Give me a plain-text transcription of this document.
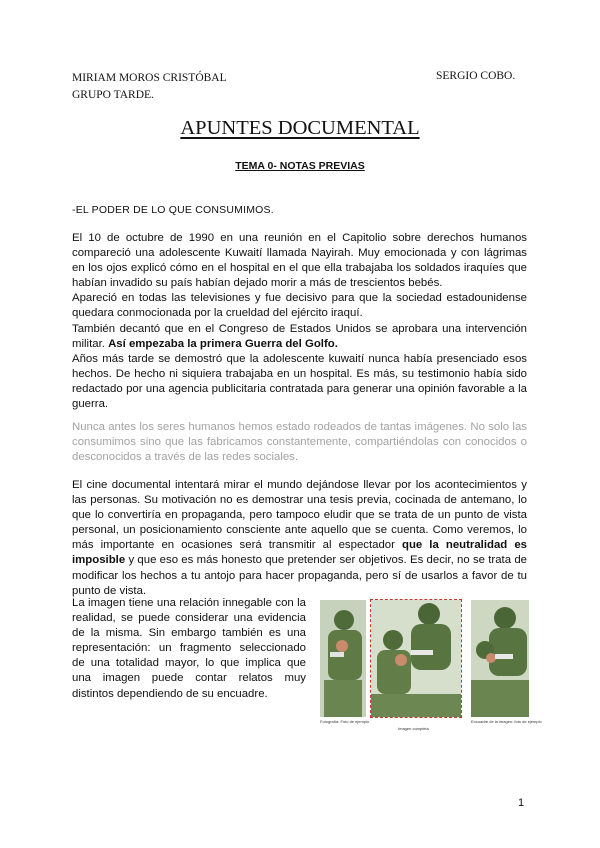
MIRIAM MOROS CRISTÓBAL
GRUPO TARDE.
SERGIO COBO.
APUNTES DOCUMENTAL
TEMA 0- NOTAS PREVIAS
-EL PODER DE LO QUE CONSUMIMOS.

El 10 de octubre de 1990 en una reunión en el Capitolio sobre derechos humanos compareció una adolescente Kuwaití llamada Nayirah. Muy emocionada y con lágrimas en los ojos explicó cómo en el hospital en el que ella trabajaba los soldados iraquíes que habían invadido su país habían dejado morir a más de trescientos bebés.

Apareció en todas las televisiones y fue decisivo para que la sociedad estadounidense quedara conmocionada por la crueldad del ejército iraquí.

También decantó que en el Congreso de Estados Unidos se aprobara una intervención militar. Así empezaba la primera Guerra del Golfo.

Años más tarde se demostró que la adolescente kuwaití nunca había presenciado esos hechos. De hecho ni siquiera trabajaba en un hospital. Es más, su testimonio había sido redactado por una agencia publicitaria contratada para generar una opinión favorable a la guerra.

Nunca antes los seres humanos hemos estado rodeados de tantas imágenes. No solo las consumimos sino que las fabricamos constantemente, compartiéndolas con conocidos o desconocidos a través de las redes sociales.
El cine documental intentará mirar el mundo dejándose llevar por los acontecimientos y las personas. Su motivación no es demostrar una tesis previa, cocinada de antemano, lo que lo convertiría en propaganda, pero tampoco eludir que se trata de un punto de vista personal, un posicionamiento consciente ante aquello que se cuenta. Como veremos, lo más importante en ocasiones será transmitir al espectador que la neutralidad es imposible y que eso es más honesto que pretender ser objetivos. Es decir, no se trata de modificar los hechos a tu antojo para hacer propaganda, pero sí de usarlos a favor de tu punto de vista.
La imagen tiene una relación innegable con la realidad, se puede considerar una evidencia de la misma. Sin embargo también es una representación: un fragmento seleccionado de una totalidad mayor, lo que implica que una imagen puede contar relatos muy distintos dependiendo de su encuadre.
Fotografía: Foto de ejemplo
Imagen completa
Encuadre de la imagen: foto de ejemplo
1
